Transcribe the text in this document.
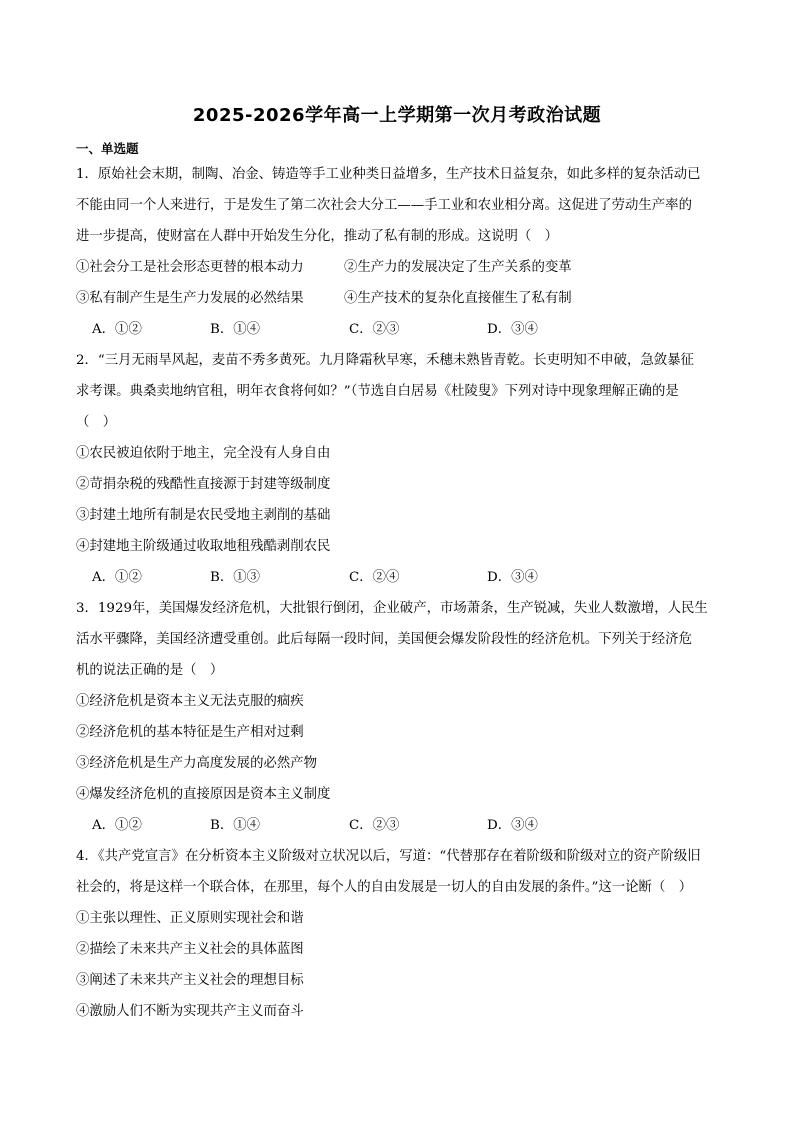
2025-2026学年高一上学期第一次月考政治试题
一、单选题
1．原始社会末期，制陶、冶金、铸造等手工业种类日益增多，生产技术日益复杂，如此多样的复杂活动已
不能由同一个人来进行，于是发生了第二次社会大分工——手工业和农业相分离。这促进了劳动生产率的
进一步提高，使财富在人群中开始发生分化，推动了私有制的形成。这说明（　）
①社会分工是社会形态更替的根本动力	②生产力的发展决定了生产关系的变革
③私有制产生是生产力发展的必然结果	④生产技术的复杂化直接催生了私有制
A．①②	B．①④	C．②③	D．③④
2．“三月无雨旱风起，麦苗不秀多黄死。九月降霜秋早寒，禾穗未熟皆青乾。长吏明知不申破，急敛暴征
求考课。典桑卖地纳官租，明年衣食将何如？”（节选自白居易《杜陵叟》下列对诗中现象理解正确的是
（　）
①农民被迫依附于地主，完全没有人身自由
②苛捐杂税的残酷性直接源于封建等级制度
③封建土地所有制是农民受地主剥削的基础
④封建地主阶级通过收取地租残酷剥削农民
A．①②	B．①③	C．②④	D．③④
3．1929年，美国爆发经济危机，大批银行倒闭，企业破产，市场萧条，生产锐减，失业人数激增，人民生
活水平骤降，美国经济遭受重创。此后每隔一段时间，美国便会爆发阶段性的经济危机。下列关于经济危
机的说法正确的是（　）
①经济危机是资本主义无法克服的痼疾
②经济危机的基本特征是生产相对过剩
③经济危机是生产力高度发展的必然产物
④爆发经济危机的直接原因是资本主义制度
A．①②	B．①④	C．②③	D．③④
4．《共产党宣言》在分析资本主义阶级对立状况以后，写道：“代替那存在着阶级和阶级对立的资产阶级旧
社会的，将是这样一个联合体，在那里，每个人的自由发展是一切人的自由发展的条件。”这一论断（　）
①主张以理性、正义原则实现社会和谐
②描绘了未来共产主义社会的具体蓝图
③阐述了未来共产主义社会的理想目标
④激励人们不断为实现共产主义而奋斗
